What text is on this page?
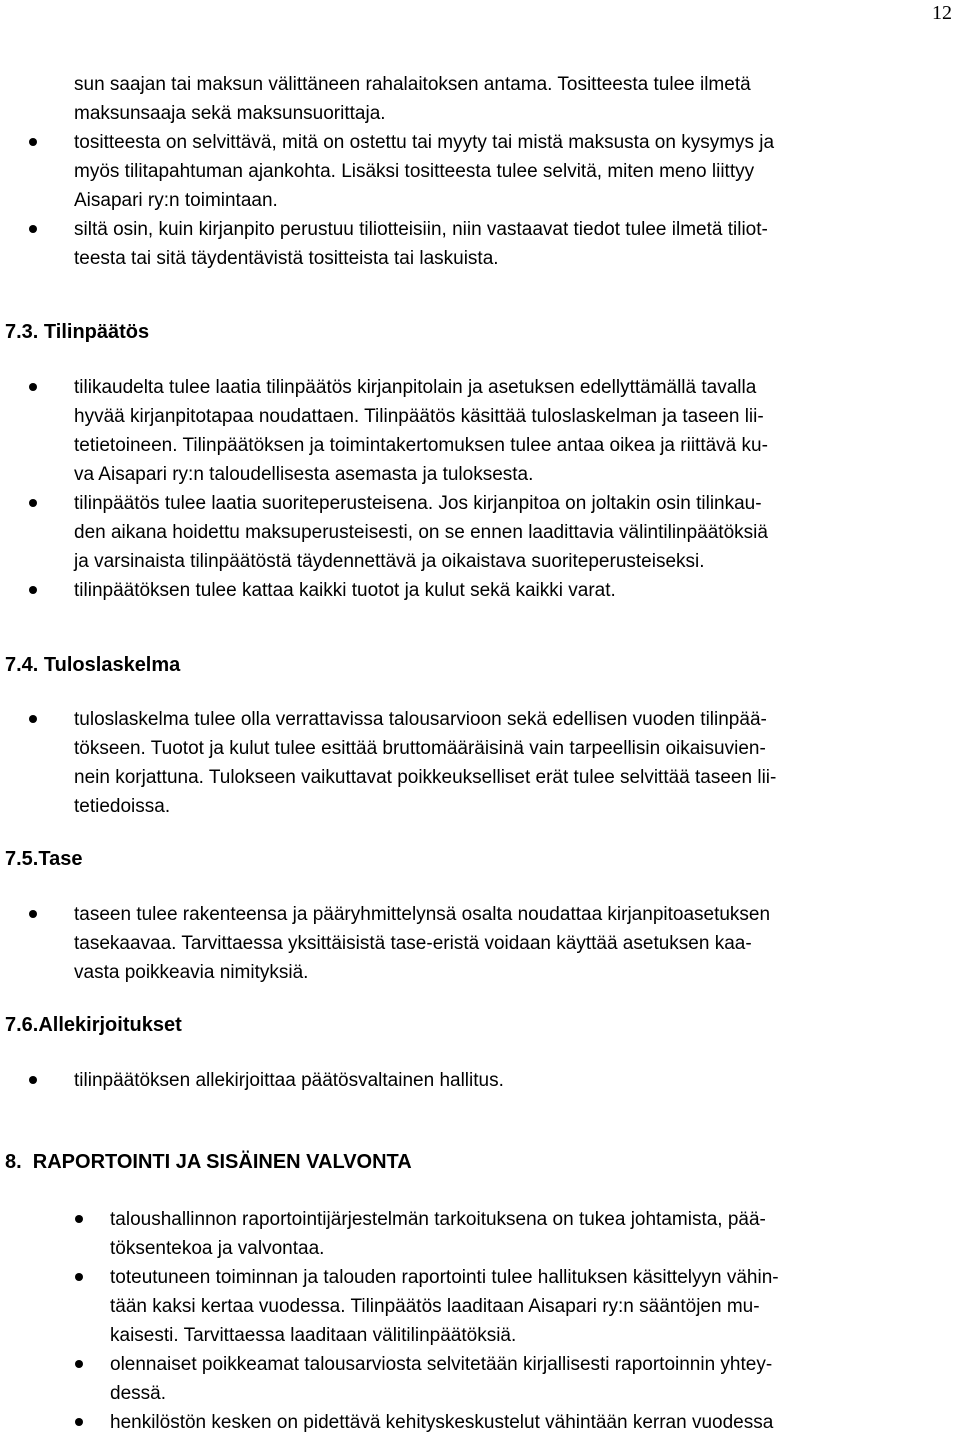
12
sun saajan tai maksun välittäneen rahalaitoksen antama. Tositteesta tulee ilmetä
maksunsaaja sekä maksunsuorittaja.
tositteesta on selvittävä, mitä on ostettu tai myyty tai mistä maksusta on kysymys ja
myös tilitapahtuman ajankohta. Lisäksi tositteesta tulee selvitä, miten meno liittyy
Aisapari ry:n toimintaan.
siltä osin, kuin kirjanpito perustuu tiliotteisiin, niin vastaavat tiedot tulee ilmetä tiliot-
teesta tai sitä täydentävistä tositteista tai laskuista.
7.3. Tilinpäätös
tilikaudelta tulee laatia tilinpäätös kirjanpitolain ja asetuksen edellyttämällä tavalla
hyvää kirjanpitotapaa noudattaen. Tilinpäätös käsittää tuloslaskelman ja taseen lii-
tetietoineen. Tilinpäätöksen ja toimintakertomuksen tulee antaa oikea ja riittävä ku-
va Aisapari ry:n taloudellisesta asemasta ja tuloksesta.
tilinpäätös tulee laatia suoriteperusteisena. Jos kirjanpitoa on joltakin osin tilinkau-
den aikana hoidettu maksuperusteisesti, on se ennen laadittavia välintilinpäätöksiä
ja varsinaista tilinpäätöstä täydennettävä ja oikaistava suoriteperusteiseksi.
tilinpäätöksen tulee kattaa kaikki tuotot ja kulut sekä kaikki varat.
7.4. Tuloslaskelma
tuloslaskelma tulee olla verrattavissa talousarvioon sekä edellisen vuoden tilinpää-
tökseen. Tuotot ja kulut tulee esittää bruttomääräisinä vain tarpeellisin oikaisuvien-
nein korjattuna. Tulokseen vaikuttavat poikkeukselliset erät tulee selvittää taseen lii-
tetiedoissa.
7.5.Tase
taseen tulee rakenteensa ja pääryhmittelynsä osalta noudattaa kirjanpitoasetuksen
tasekaavaa. Tarvittaessa yksittäisistä tase-eristä voidaan käyttää asetuksen kaa-
vasta poikkeavia nimityksiä.
7.6.Allekirjoitukset
tilinpäätöksen allekirjoittaa päätösvaltainen hallitus.
8.  RAPORTOINTI JA SISÄINEN VALVONTA
taloushallinnon raportointijärjestelmän tarkoituksena on tukea johtamista, pää-
töksentekoa ja valvontaa.
toteutuneen toiminnan ja talouden raportointi tulee hallituksen käsittelyyn vähin-
tään kaksi kertaa vuodessa. Tilinpäätös laaditaan Aisapari ry:n sääntöjen mu-
kaisesti. Tarvittaessa laaditaan välitilinpäätöksiä.
olennaiset poikkeamat talousarviosta selvitetään kirjallisesti raportoinnin yhtey-
dessä.
henkilöstön kesken on pidettävä kehityskeskustelut vähintään kerran vuodessa
